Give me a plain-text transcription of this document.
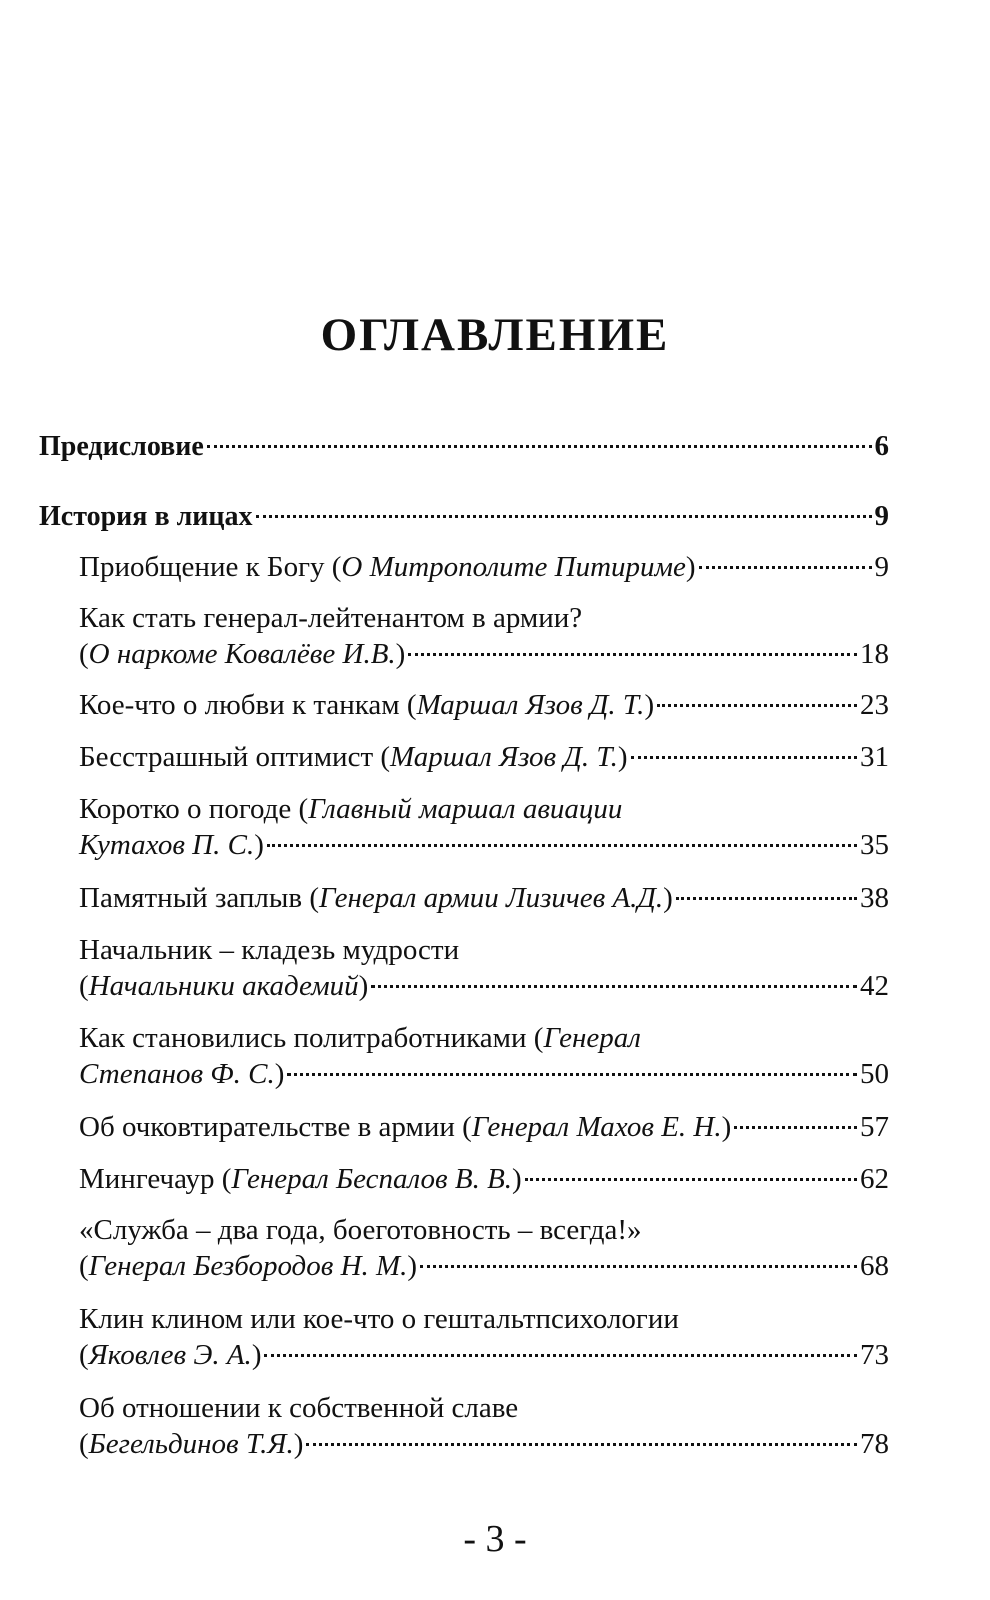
ОГЛАВЛЕНИЕ
Предисловие	6
История в лицах	9
Приобщение к Богу (О Митрополите Питириме)	9
Как стать генерал-лейтенантом в армии?
(О наркоме Ковалёве И.В.)	18
Кое-что о любви к танкам (Маршал Язов Д. Т.)	23
Бесстрашный оптимист (Маршал Язов Д. Т.)	31
Коротко о погоде (Главный маршал авиации
Кутахов П. С.)	35
Памятный заплыв (Генерал армии Лизичев А.Д.)	38
Начальник – кладезь мудрости
(Начальники академий)	42
Как становились политработниками (Генерал
Степанов Ф. С.)	50
Об очковтирательстве в армии (Генерал Махов Е. Н.)	57
Мингечаур (Генерал Беспалов В. В.)	62
«Служба – два года, боеготовность – всегда!»
(Генерал Безбородов Н. М.)	68
Клин клином или кое-что о гештальтпсихологии
(Яковлев Э. А.)	73
Об отношении к собственной славе
(Бегельдинов Т.Я.)	78
- 3 -
